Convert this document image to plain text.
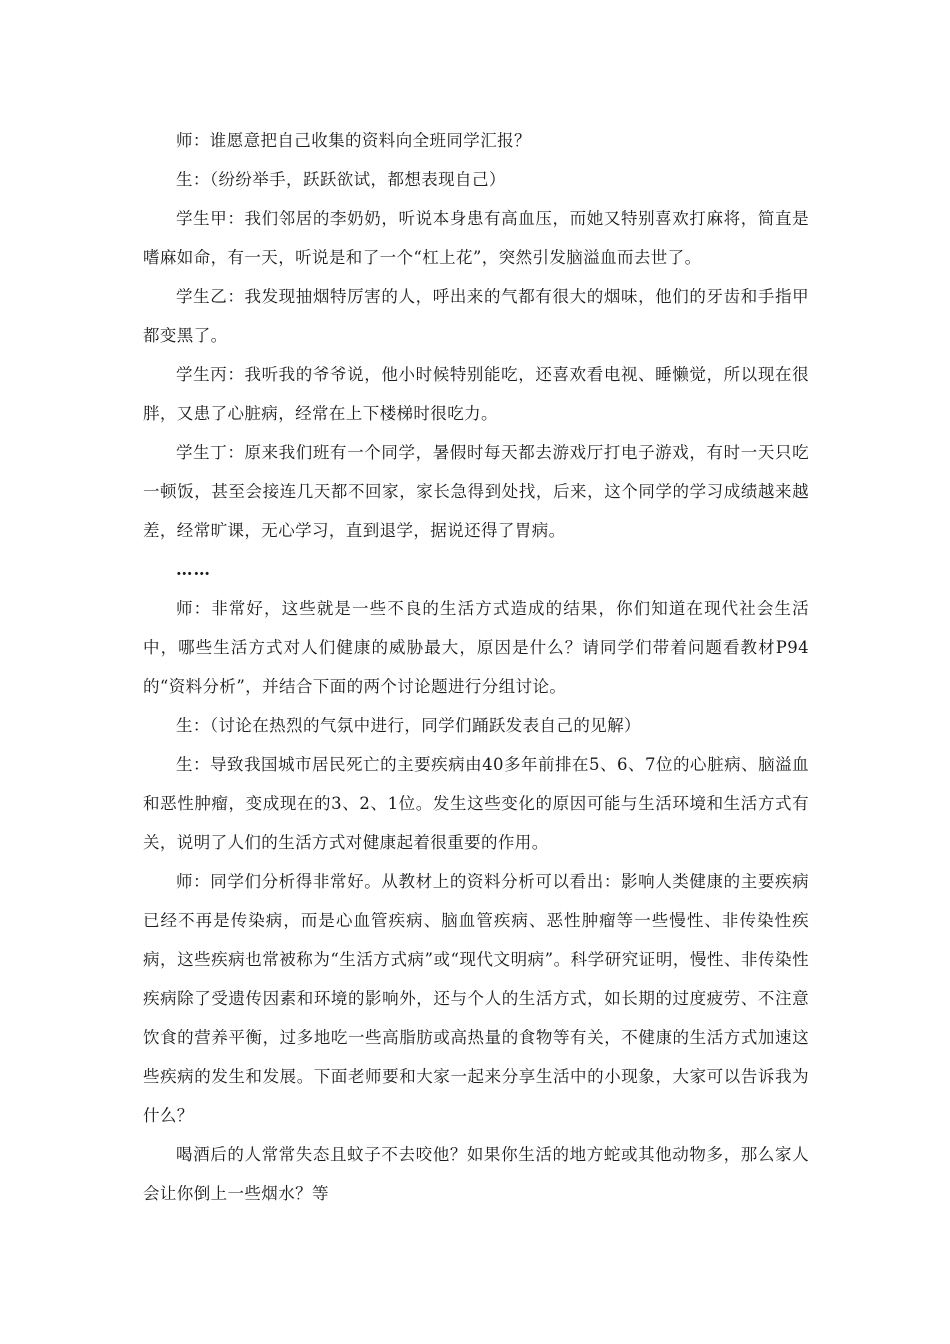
师：谁愿意把自己收集的资料向全班同学汇报？

生：（纷纷举手，跃跃欲试，都想表现自己）

学生甲：我们邻居的李奶奶，听说本身患有高血压，而她又特别喜欢打麻将，简直是嗜麻如命，有一天，听说是和了一个“杠上花”，突然引发脑溢血而去世了。

学生乙：我发现抽烟特厉害的人，呼出来的气都有很大的烟味，他们的牙齿和手指甲都变黑了。

学生丙：我听我的爷爷说，他小时候特别能吃，还喜欢看电视、睡懒觉，所以现在很胖，又患了心脏病，经常在上下楼梯时很吃力。

学生丁：原来我们班有一个同学，暑假时每天都去游戏厅打电子游戏，有时一天只吃一顿饭，甚至会接连几天都不回家，家长急得到处找，后来，这个同学的学习成绩越来越差，经常旷课，无心学习，直到退学，据说还得了胃病。

……

师：非常好，这些就是一些不良的生活方式造成的结果，你们知道在现代社会生活中，哪些生活方式对人们健康的威胁最大，原因是什么？请同学们带着问题看教材P94的“资料分析”，并结合下面的两个讨论题进行分组讨论。

生：（讨论在热烈的气氛中进行，同学们踊跃发表自己的见解）

生：导致我国城市居民死亡的主要疾病由40多年前排在5、6、7位的心脏病、脑溢血和恶性肿瘤，变成现在的3、2、1位。发生这些变化的原因可能与生活环境和生活方式有关，说明了人们的生活方式对健康起着很重要的作用。

师：同学们分析得非常好。从教材上的资料分析可以看出：影响人类健康的主要疾病已经不再是传染病，而是心血管疾病、脑血管疾病、恶性肿瘤等一些慢性、非传染性疾病，这些疾病也常被称为“生活方式病”或“现代文明病”。科学研究证明，慢性、非传染性疾病除了受遗传因素和环境的影响外，还与个人的生活方式，如长期的过度疲劳、不注意饮食的营养平衡，过多地吃一些高脂肪或高热量的食物等有关，不健康的生活方式加速这些疾病的发生和发展。下面老师要和大家一起来分享生活中的小现象，大家可以告诉我为什么？

喝酒后的人常常失态且蚊子不去咬他？如果你生活的地方蛇或其他动物多，那么家人会让你倒上一些烟水？等
